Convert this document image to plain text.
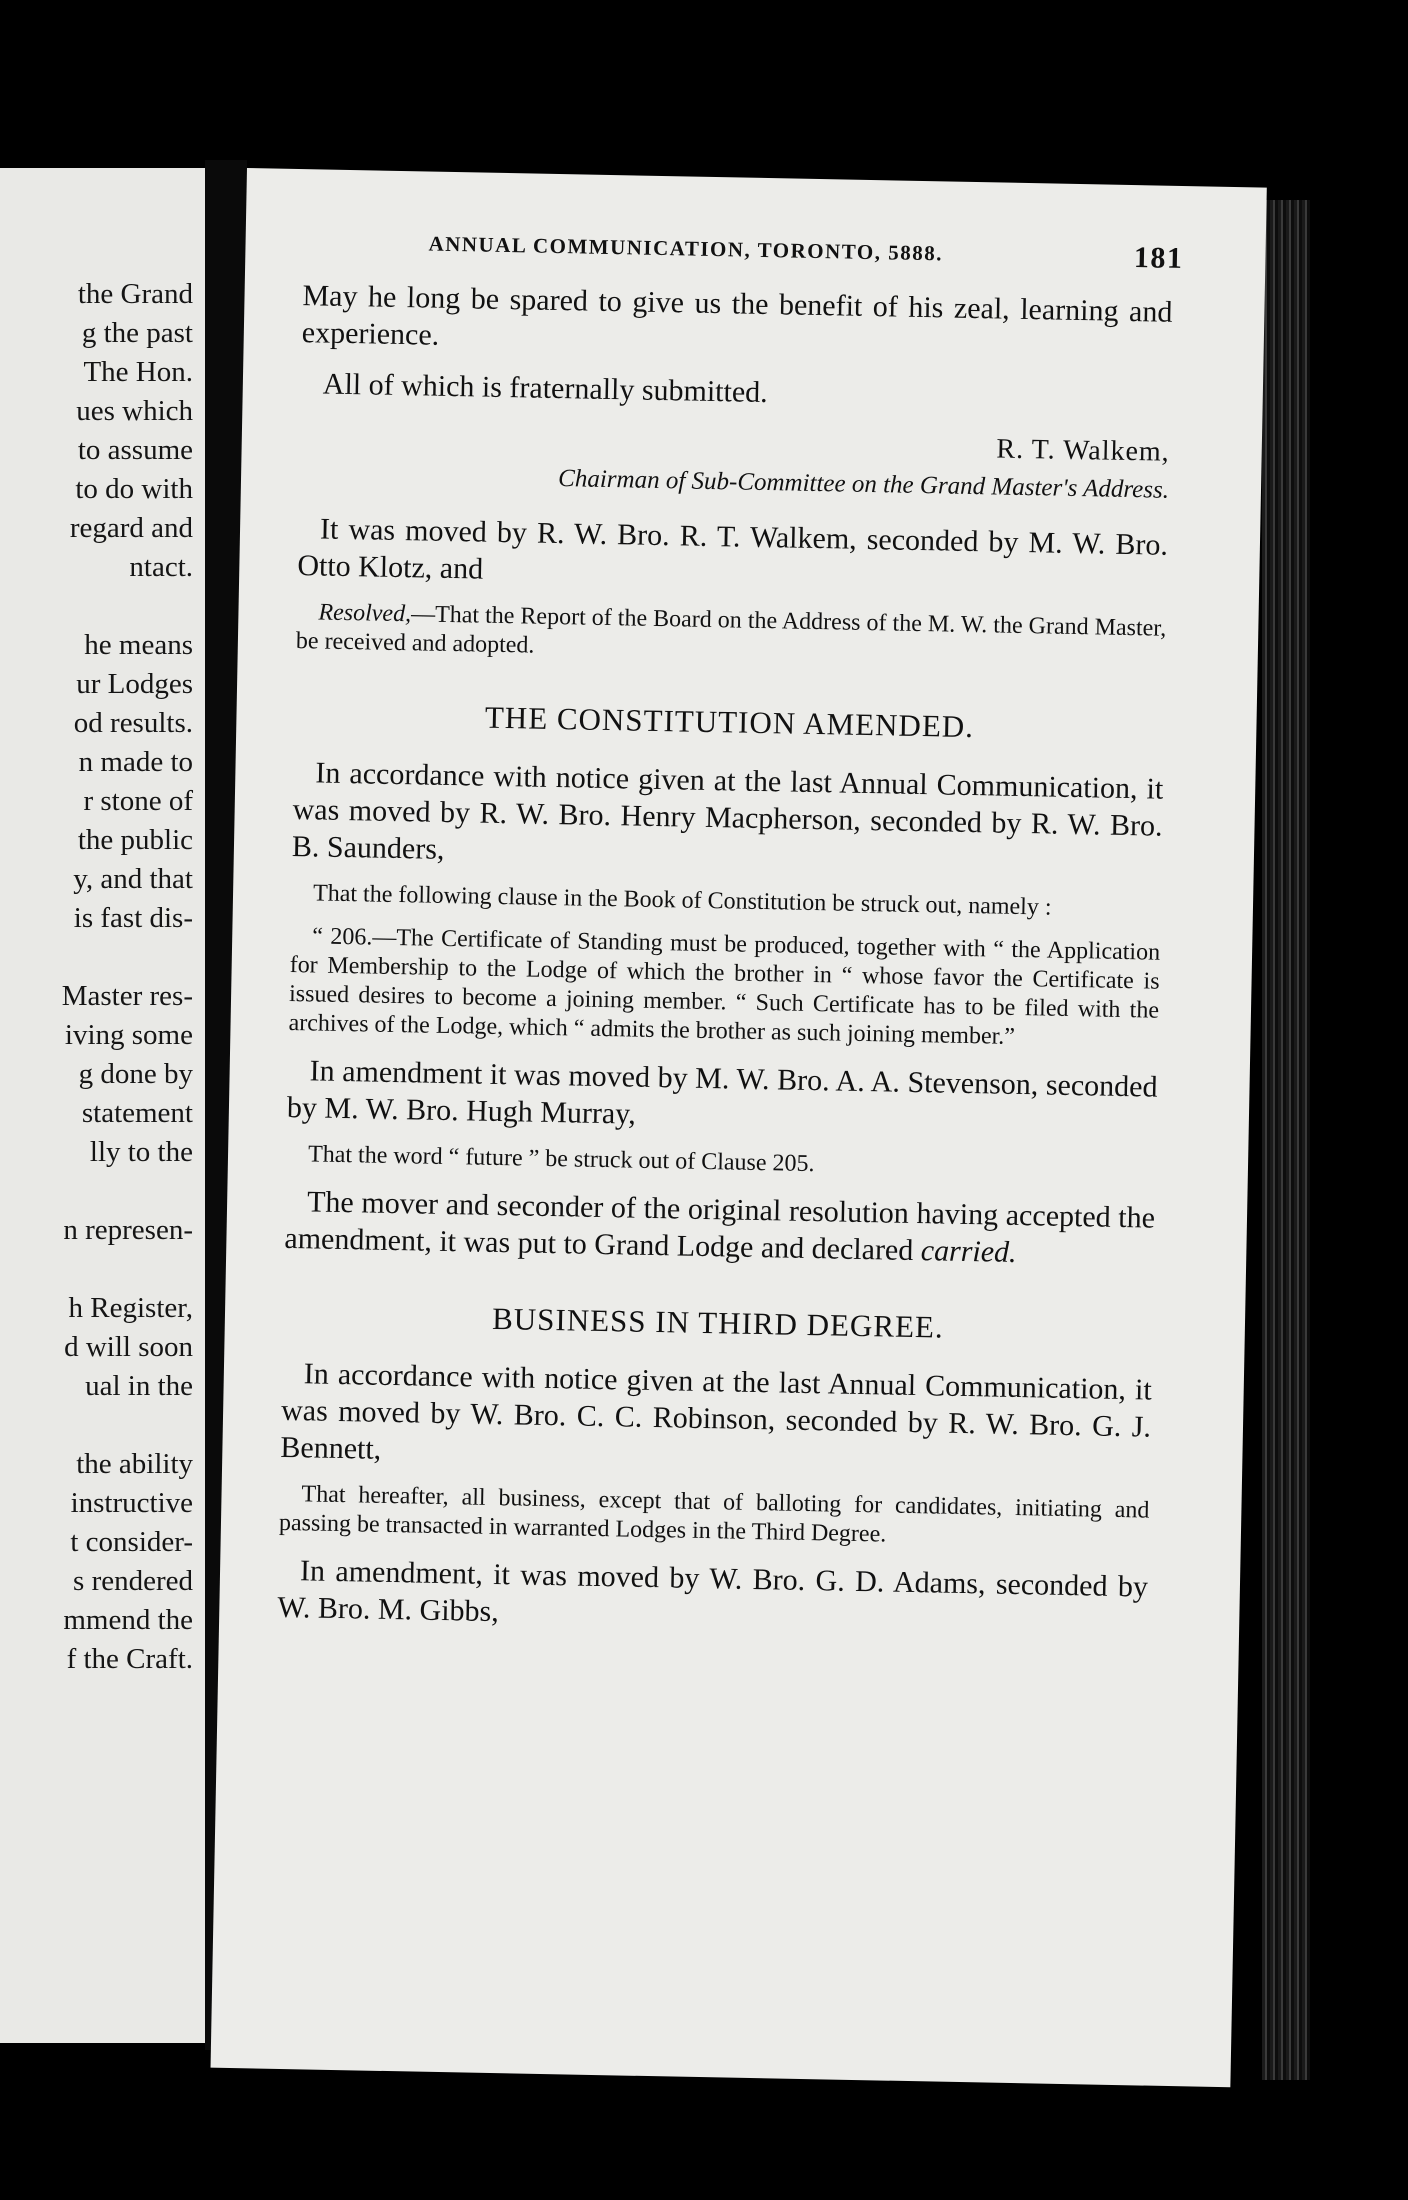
the Grand
g the past
The Hon.
ues which
to assume
to do with
regard and
ntact.
he means
ur Lodges
od results.
n made to
r stone of
the public
y, and that
is fast dis-
Master res-
iving some
g done by
statement
lly to the
n represen-
h Register,
d will soon
ual in the
the ability
instructive
t consider-
s rendered
mmend the
f the Craft.
ANNUAL COMMUNICATION, TORONTO, 5888.	181

May he long be spared to give us the benefit of his zeal, learning and experience.

All of which is fraternally submitted.

R. T. Walkem,

Chairman of Sub-Committee on the Grand Master's Address.

It was moved by R. W. Bro. R. T. Walkem, seconded by M. W. Bro. Otto Klotz, and

Resolved,—That the Report of the Board on the Address of the M. W. the Grand Master, be received and adopted.

THE CONSTITUTION AMENDED.

In accordance with notice given at the last Annual Communication, it was moved by R. W. Bro. Henry Macpherson, seconded by R. W. Bro. B. Saunders,

That the following clause in the Book of Constitution be struck out, namely :

“ 206.—The Certificate of Standing must be produced, together with “ the Application for Membership to the Lodge of which the brother in “ whose favor the Certificate is issued desires to become a joining member. “ Such Certificate has to be filed with the archives of the Lodge, which “ admits the brother as such joining member.”

In amendment it was moved by M. W. Bro. A. A. Stevenson, seconded by M. W. Bro. Hugh Murray,

That the word “ future ” be struck out of Clause 205.

The mover and seconder of the original resolution having accepted the amendment, it was put to Grand Lodge and declared carried.

BUSINESS IN THIRD DEGREE.

In accordance with notice given at the last Annual Communication, it was moved by W. Bro. C. C. Robinson, seconded by R. W. Bro. G. J. Bennett,

That hereafter, all business, except that of balloting for candidates, initiating and passing be transacted in warranted Lodges in the Third Degree.

In amendment, it was moved by W. Bro. G. D. Adams, seconded by W. Bro. M. Gibbs,
